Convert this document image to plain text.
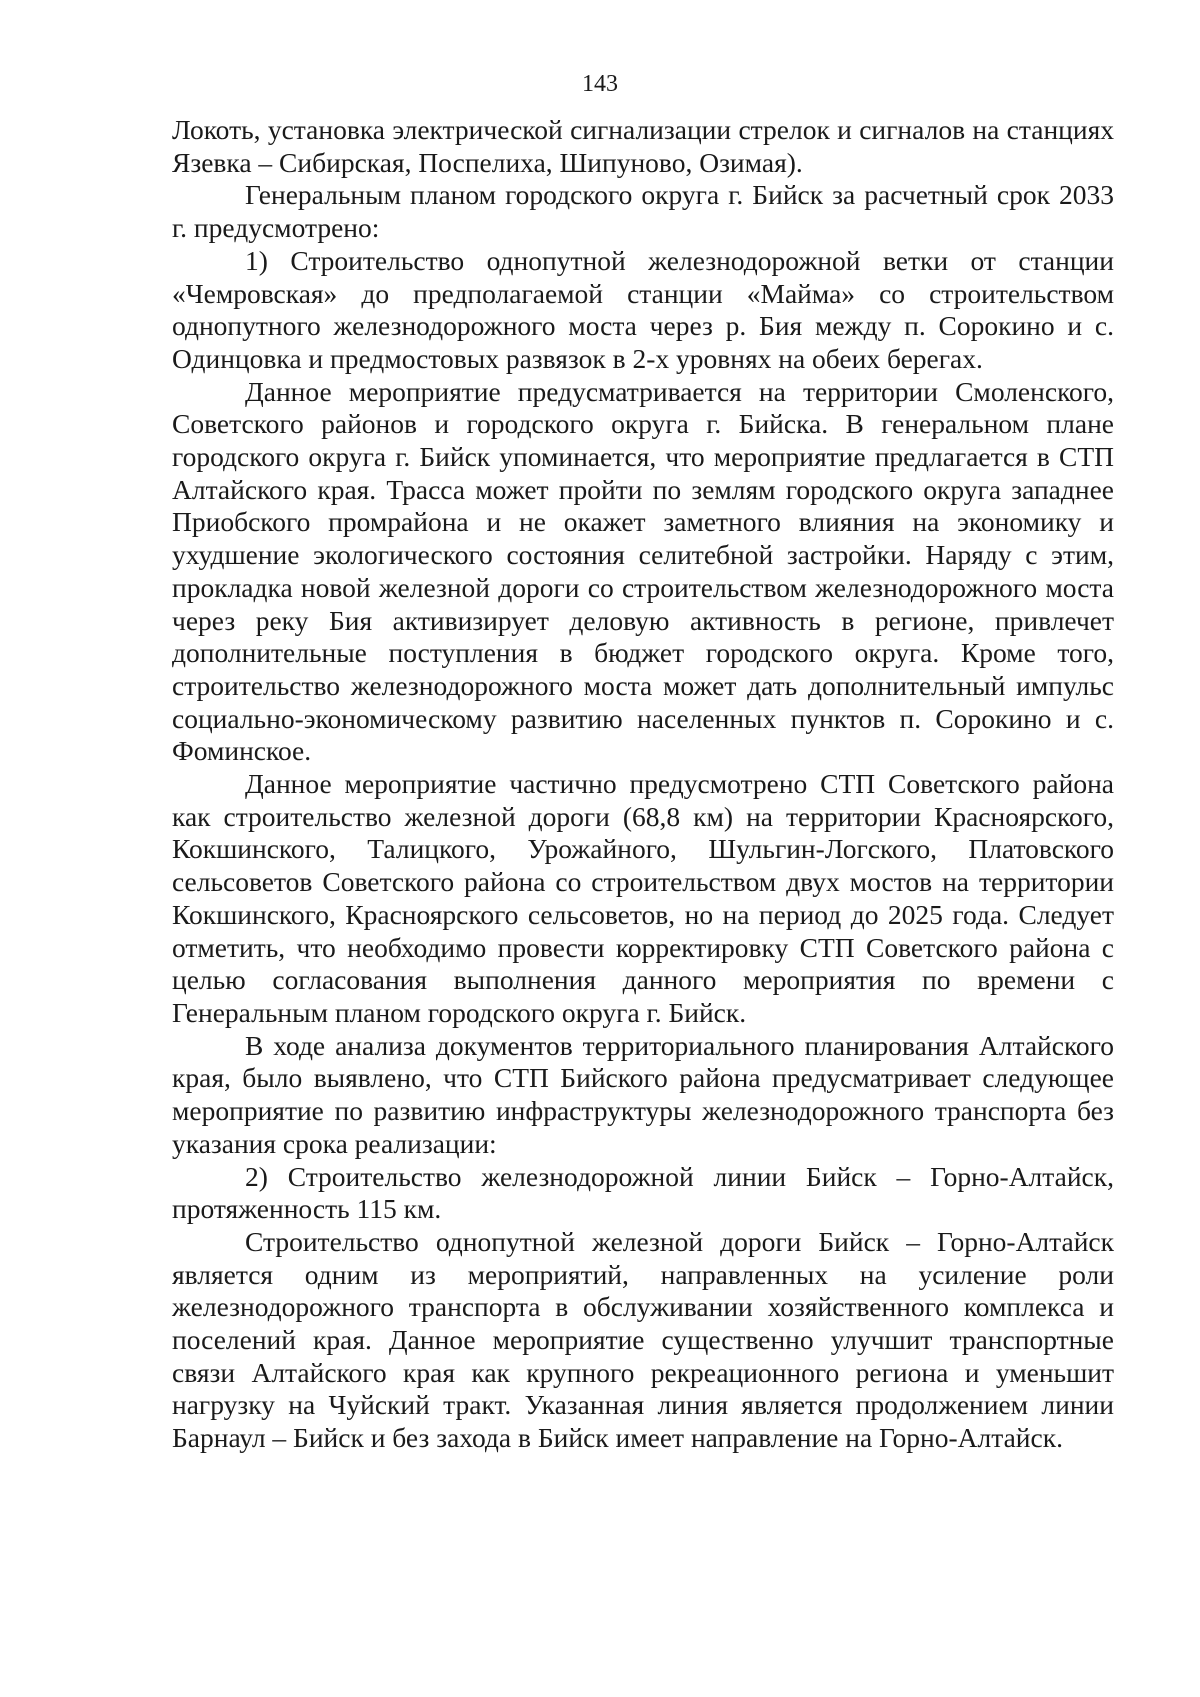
143

Локоть, установка электрической сигнализации стрелок и сигналов на станциях Язевка – Сибирская, Поспелиха, Шипуново, Озимая).

Генеральным планом городского округа г. Бийск за расчетный срок 2033 г. предусмотрено:

1) Строительство однопутной железнодорожной ветки от станции «Чемровская» до предполагаемой станции «Майма» со строительством однопутного железнодорожного моста через р. Бия между п. Сорокино и с. Одинцовка и предмостовых развязок в 2-х уровнях на обеих берегах.

Данное мероприятие предусматривается на территории Смоленского, Советского районов и городского округа г. Бийска. В генеральном плане городского округа г. Бийск упоминается, что мероприятие предлагается в СТП Алтайского края. Трасса может пройти по землям городского округа западнее Приобского промрайона и не окажет заметного влияния на экономику и ухудшение экологического состояния селитебной застройки. Наряду с этим, прокладка новой железной дороги со строительством железнодорожного моста через реку Бия активизирует деловую активность в регионе, привлечет дополнительные поступления в бюджет городского округа. Кроме того, строительство железнодорожного моста может дать дополнительный импульс социально-экономическому развитию населенных пунктов п. Сорокино и с. Фоминское.

Данное мероприятие частично предусмотрено СТП Советского района как строительство железной дороги (68,8 км) на территории Красноярского, Кокшинского, Талицкого, Урожайного, Шульгин-Логского, Платовского сельсоветов Советского района со строительством двух мостов на территории Кокшинского, Красноярского сельсоветов, но на период до 2025 года. Следует отметить, что необходимо провести корректировку СТП Советского района с целью согласования выполнения данного мероприятия по времени с Генеральным планом городского округа г. Бийск.

В ходе анализа документов территориального планирования Алтайского края, было выявлено, что СТП Бийского района предусматривает следующее мероприятие по развитию инфраструктуры железнодорожного транспорта без указания срока реализации:

2) Строительство железнодорожной линии Бийск – Горно-Алтайск, протяженность 115 км.

Строительство однопутной железной дороги Бийск – Горно-Алтайск является одним из мероприятий, направленных на усиление роли железнодорожного транспорта в обслуживании хозяйственного комплекса и поселений края. Данное мероприятие существенно улучшит транспортные связи Алтайского края как крупного рекреационного региона и уменьшит нагрузку на Чуйский тракт. Указанная линия является продолжением линии Барнаул – Бийск и без захода в Бийск имеет направление на Горно-Алтайск.
